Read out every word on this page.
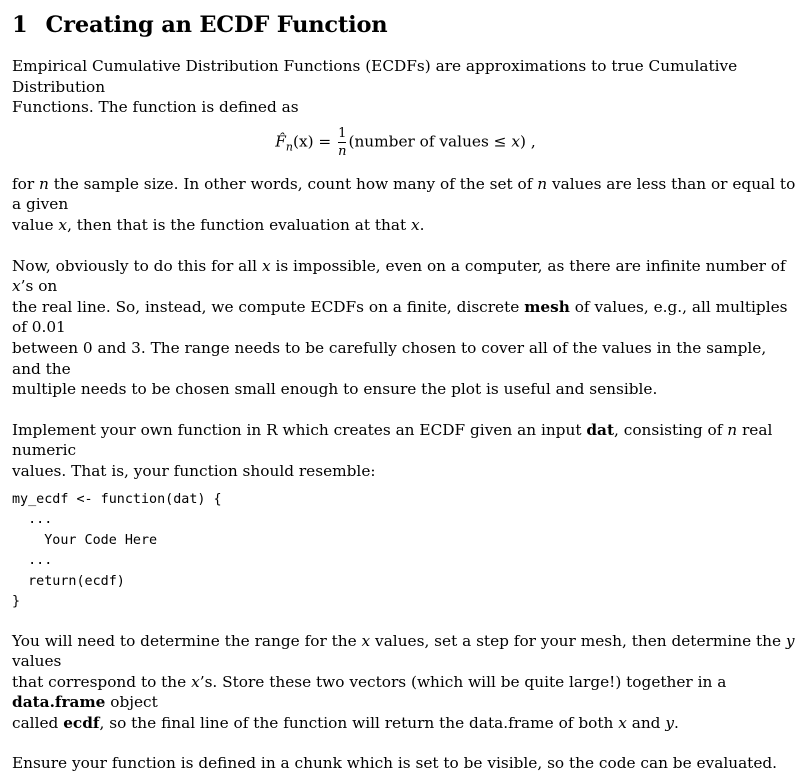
1 Creating an ECDF Function

Empirical Cumulative Distribution Functions (ECDFs) are approximations to true Cumulative Distribution
Functions. The function is defined as

$F̂_n(x) = \frac{1}{n}$ (number of values ≤ x) ,

for n the sample size. In other words, count how many of the set of n values are less than or equal to a given
value x, then that is the function evaluation at that x.

Now, obviously to do this for all x is impossible, even on a computer, as there are infinite number of x’s on
the real line. So, instead, we compute ECDFs on a finite, discrete mesh of values, e.g., all multiples of 0.01
between 0 and 3. The range needs to be carefully chosen to cover all of the values in the sample, and the
multiple needs to be chosen small enough to ensure the plot is useful and sensible.

Implement your own function in R which creates an ECDF given an input dat, consisting of n real numeric
values. That is, your function should resemble:

my_ecdf <- function(dat) {
...
Your Code Here
...
return(ecdf)
}

You will need to determine the range for the x values, set a step for your mesh, then determine the y values
that correspond to the x’s. Store these two vectors (which will be quite large!) together in a data.frame object
called ecdf, so the final line of the function will return the data.frame of both x and y.

Ensure your function is defined in a chunk which is set to be visible, so the code can be evaluated.
